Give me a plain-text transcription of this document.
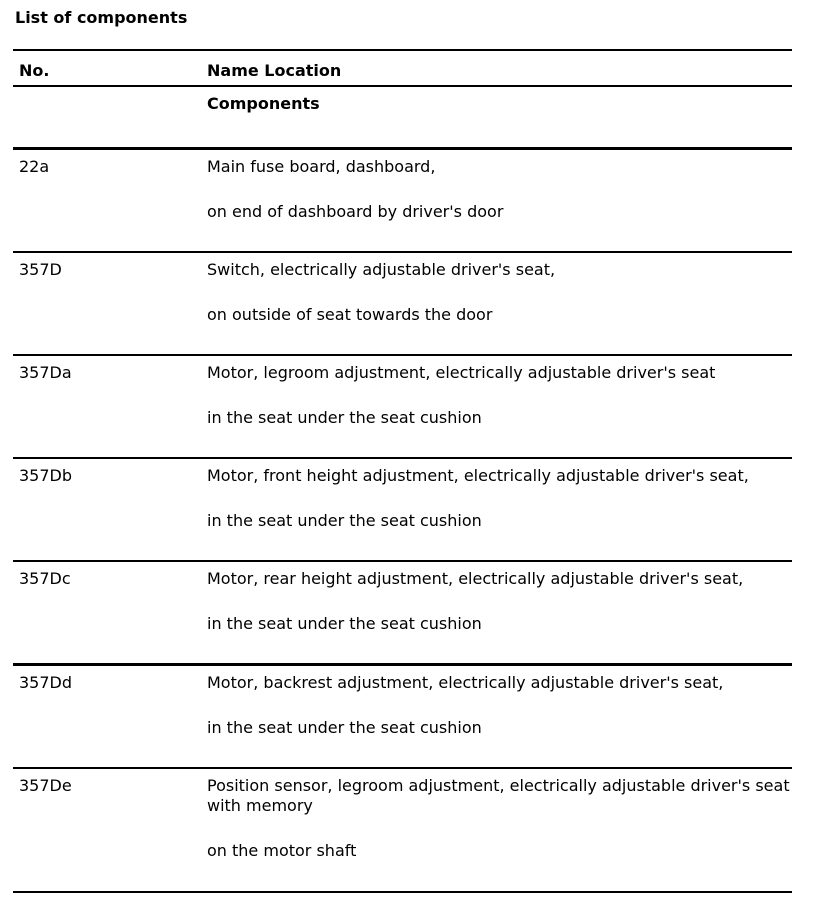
List of components
No.	Name Location
Components
22a	Main fuse board, dashboard,
on end of dashboard by driver's door
357D	Switch, electrically adjustable driver's seat,
on outside of seat towards the door
357Da	Motor, legroom adjustment, electrically adjustable driver's seat
in the seat under the seat cushion
357Db	Motor, front height adjustment, electrically adjustable driver's seat,
in the seat under the seat cushion
357Dc	Motor, rear height adjustment, electrically adjustable driver's seat,
in the seat under the seat cushion
357Dd	Motor, backrest adjustment, electrically adjustable driver's seat,
in the seat under the seat cushion
357De	Position sensor, legroom adjustment, electrically adjustable driver's seat with memory
on the motor shaft
